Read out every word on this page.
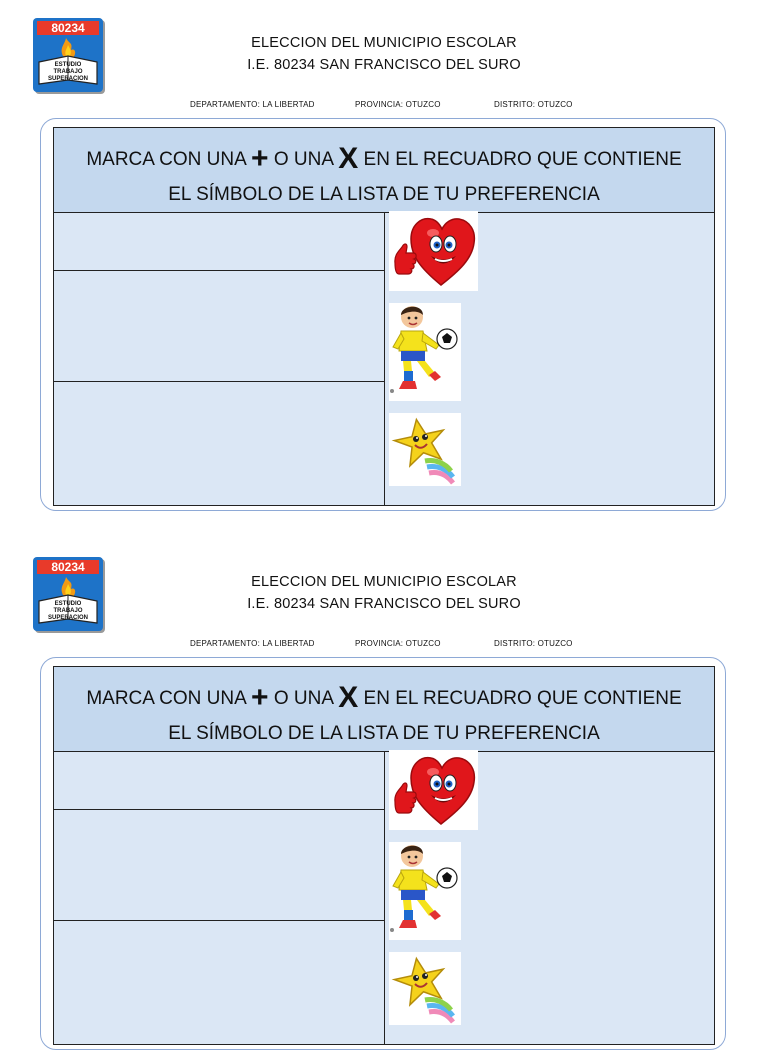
80234
ESTUDIO
TRABAJO
SUPERACION
ELECCION DEL MUNICIPIO ESCOLAR
I.E. 80234 SAN FRANCISCO DEL SURO
DEPARTAMENTO: LA LIBERTAD	PROVINCIA: OTUZCO	DISTRITO: OTUZCO
MARCA CON UNA + O UNA X EN EL RECUADRO QUE CONTIENE
EL SÍMBOLO DE LA LISTA DE TU PREFERENCIA
80234
ESTUDIO
TRABAJO
SUPERACION
ELECCION DEL MUNICIPIO ESCOLAR
I.E. 80234 SAN FRANCISCO DEL SURO
DEPARTAMENTO: LA LIBERTAD	PROVINCIA: OTUZCO	DISTRITO: OTUZCO
MARCA CON UNA + O UNA X EN EL RECUADRO QUE CONTIENE
EL SÍMBOLO DE LA LISTA DE TU PREFERENCIA
